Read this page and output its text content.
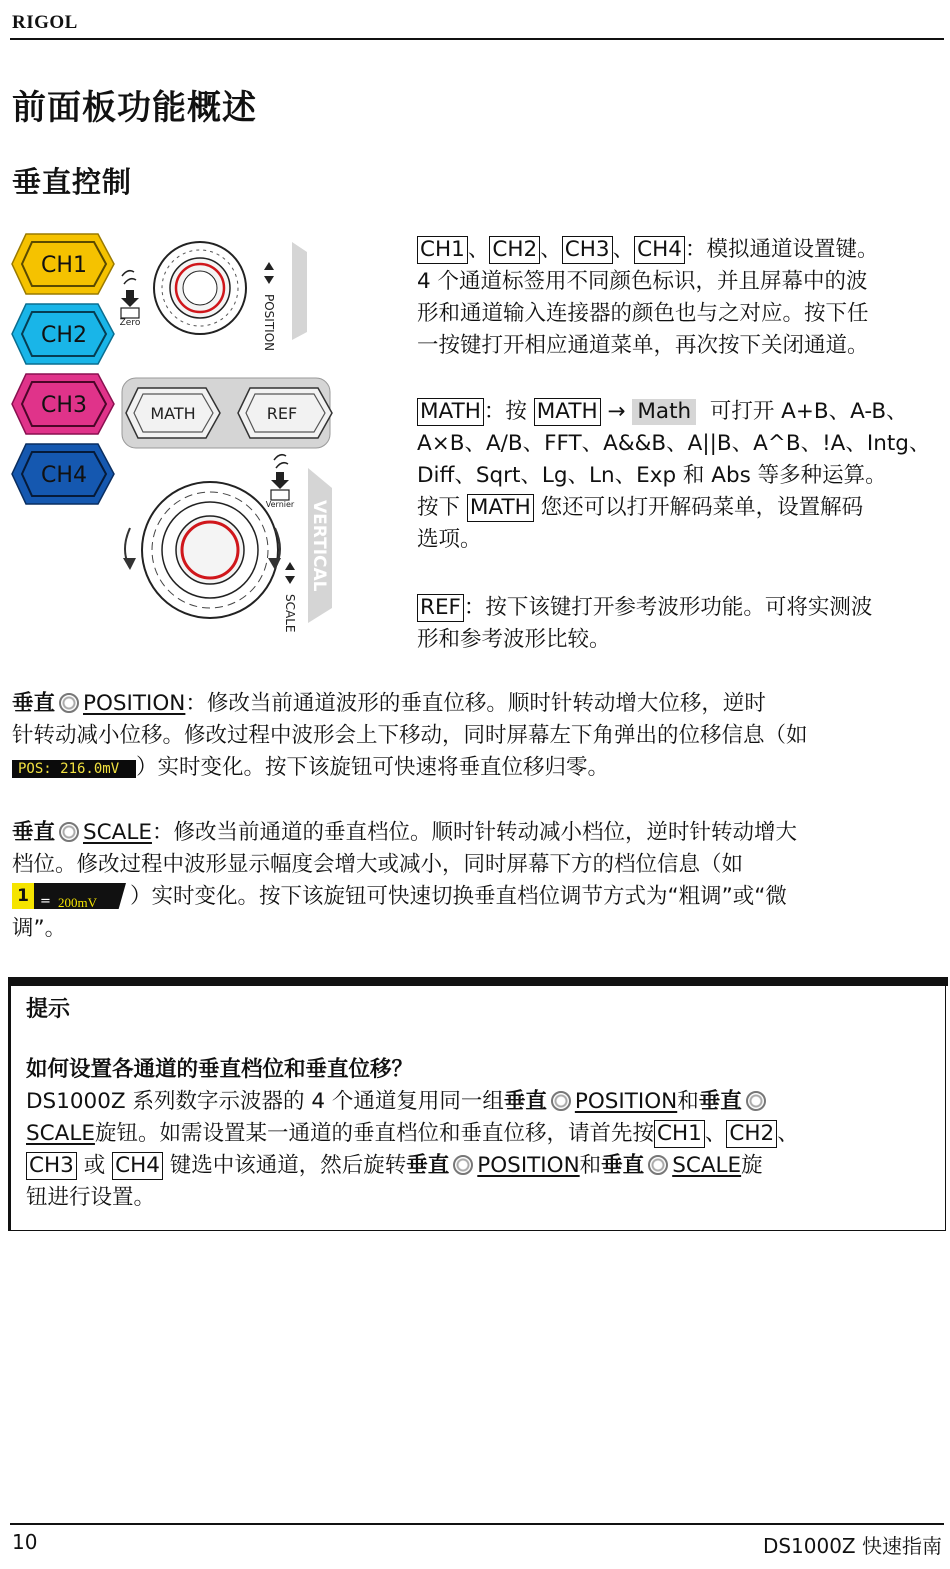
RIGOL
前面板功能概述
垂直控制
CH1
CH2
CH3
CH4
Zero	POSITION
MATH	REF
Vernier VERTICAL
SCALE
CH1 、 CH2 、 CH3 、 CH4 ：模拟通道设置键。
4 个通道标签用不同颜色标识，并且屏幕中的波
形和通道输入连接器的颜色也与之对应。按下任
一按键打开相应通道菜单，再次按下关闭通道。
MATH ：按 MATH → Math 可打开 A+B、A-B、
A×B、A/B、FFT、A&&B、A||B、A^B、!A、Intg、
Diff、Sqrt、Lg、Ln、Exp 和 Abs 等多种运算。
按下 MATH 您还可以打开解码菜单，设置解码
选项。
REF ：按下该键打开参考波形功能。可将实测波
形和参考波形比较。
垂直 POSITION：修改当前通道波形的垂直位移。顺时针转动增大位移，逆时
针转动减小位移。修改过程中波形会上下移动，同时屏幕左下角弹出的位移信息（如
POS: 216.0mV ）实时变化。按下该旋钮可快速将垂直位移归零。
垂直 SCALE：修改当前通道的垂直档位。顺时针转动减小档位，逆时针转动增大
档位。修改过程中波形显示幅度会增大或减小，同时屏幕下方的档位信息（如
1 = 200mV ）实时变化。按下该旋钮可快速切换垂直档位调节方式为“粗调”或“微
调”。
提示
如何设置各通道的垂直档位和垂直位移？
DS1000Z 系列数字示波器的 4 个通道复用同一组垂直 POSITION和垂直
SCALE旋钮。如需设置某一通道的垂直档位和垂直位移，请首先按 CH1 、 CH2 、
CH3 或 CH4 键选中该通道，然后旋转垂直 POSITION和垂直 SCALE旋
钮进行设置。
10	DS1000Z 快速指南
